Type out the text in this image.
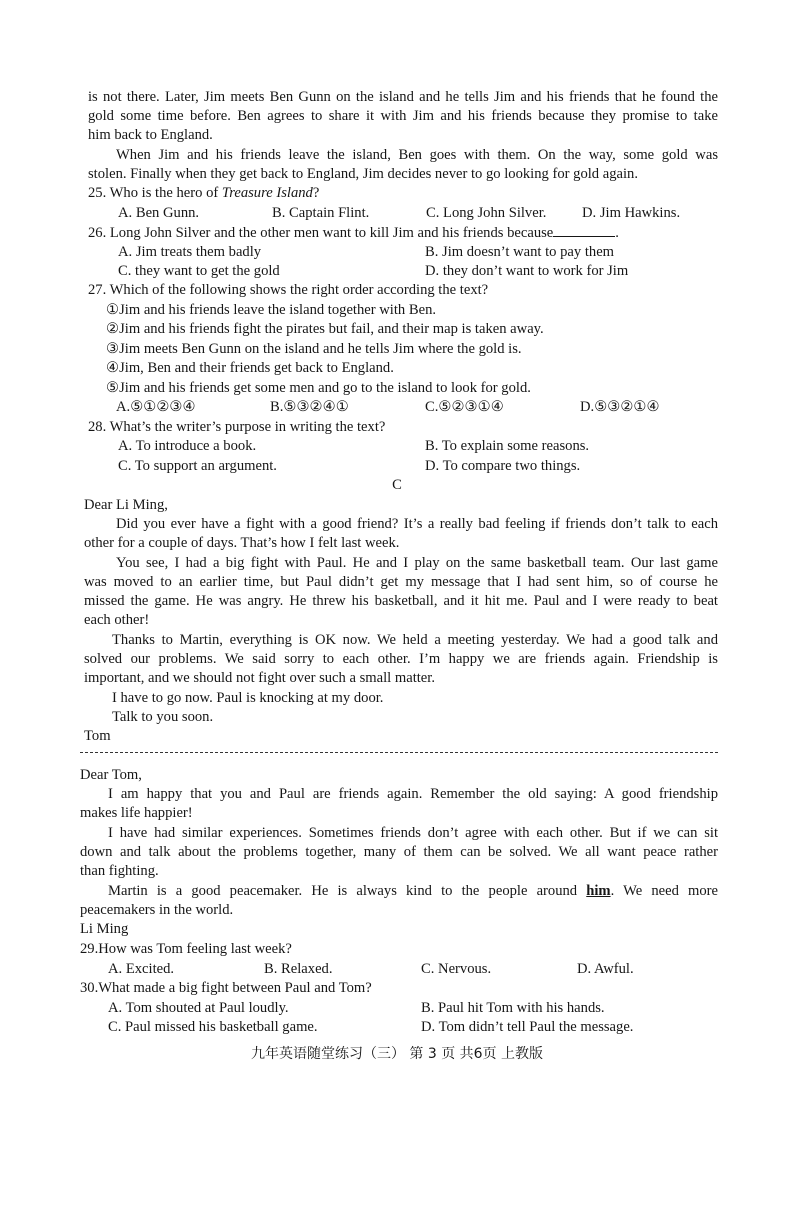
is not there. Later, Jim meets Ben Gunn on the island and he tells Jim and his friends that he found the
gold some time before. Ben agrees to share it with Jim and his friends because they promise to take
him back to England.
When Jim and his friends leave the island, Ben goes with them. On the way, some gold was
stolen. Finally when they get back to England, Jim decides never to go looking for gold again.
25. Who is the hero of Treasure Island?
A. Ben Gunn.	B. Captain Flint.	C. Long John Silver. D. Jim Hawkins.
26. Long John Silver and the other men want to kill Jim and his friends because	.
A. Jim treats them badly	B. Jim doesn’t want to pay them
C. they want to get the gold	D. they don’t want to work for Jim
27. Which of the following shows the right order according the text?
①Jim and his friends leave the island together with Ben.
②Jim and his friends fight the pirates but fail, and their map is taken away.
③Jim meets Ben Gunn on the island and he tells Jim where the gold is.
④Jim, Ben and their friends get back to England.
⑤Jim and his friends get some men and go to the island to look for gold.
A.⑤①②③④	B.⑤③②④①	C.⑤②③①④	D.⑤③②①④
28. What’s the writer’s purpose in writing the text?
A. To introduce a book.	B. To explain some reasons.
C. To support an argument.	D. To compare two things.
C
Dear Li Ming,
Did you ever have a fight with a good friend? It’s a really bad feeling if friends don’t talk to each
other for a couple of days. That’s how I felt last week.
You see, I had a big fight with Paul. He and I play on the same basketball team. Our last game
was moved to an earlier time, but Paul didn’t get my message that I had sent him, so of course he
missed the game. He was angry. He threw his basketball, and it hit me. Paul and I were ready to beat
each other!
Thanks to Martin, everything is OK now. We held a meeting yesterday. We had a good talk and
solved our problems. We said sorry to each other. I’m happy we are friends again. Friendship is
important, and we should not fight over such a small matter.
I have to go now. Paul is knocking at my door.
Talk to you soon.
Tom
Dear Tom,
I am happy that you and Paul are friends again. Remember the old saying: A good friendship
makes life happier!
I have had similar experiences. Sometimes friends don’t agree with each other. But if we can sit
down and talk about the problems together, many of them can be solved. We all want peace rather
than fighting.
Martin is a good peacemaker. He is always kind to the people around him. We need more
peacemakers in the world.
Li Ming
29.How was Tom feeling last week?
A. Excited.	B. Relaxed.	C. Nervous.	D. Awful.
30.What made a big fight between Paul and Tom?
A. Tom shouted at Paul loudly.	B. Paul hit Tom with his hands.
C. Paul missed his basketball game.	D. Tom didn’t tell Paul the message.
九年英语随堂练习（三） 第 3 页 共6页 上教版
